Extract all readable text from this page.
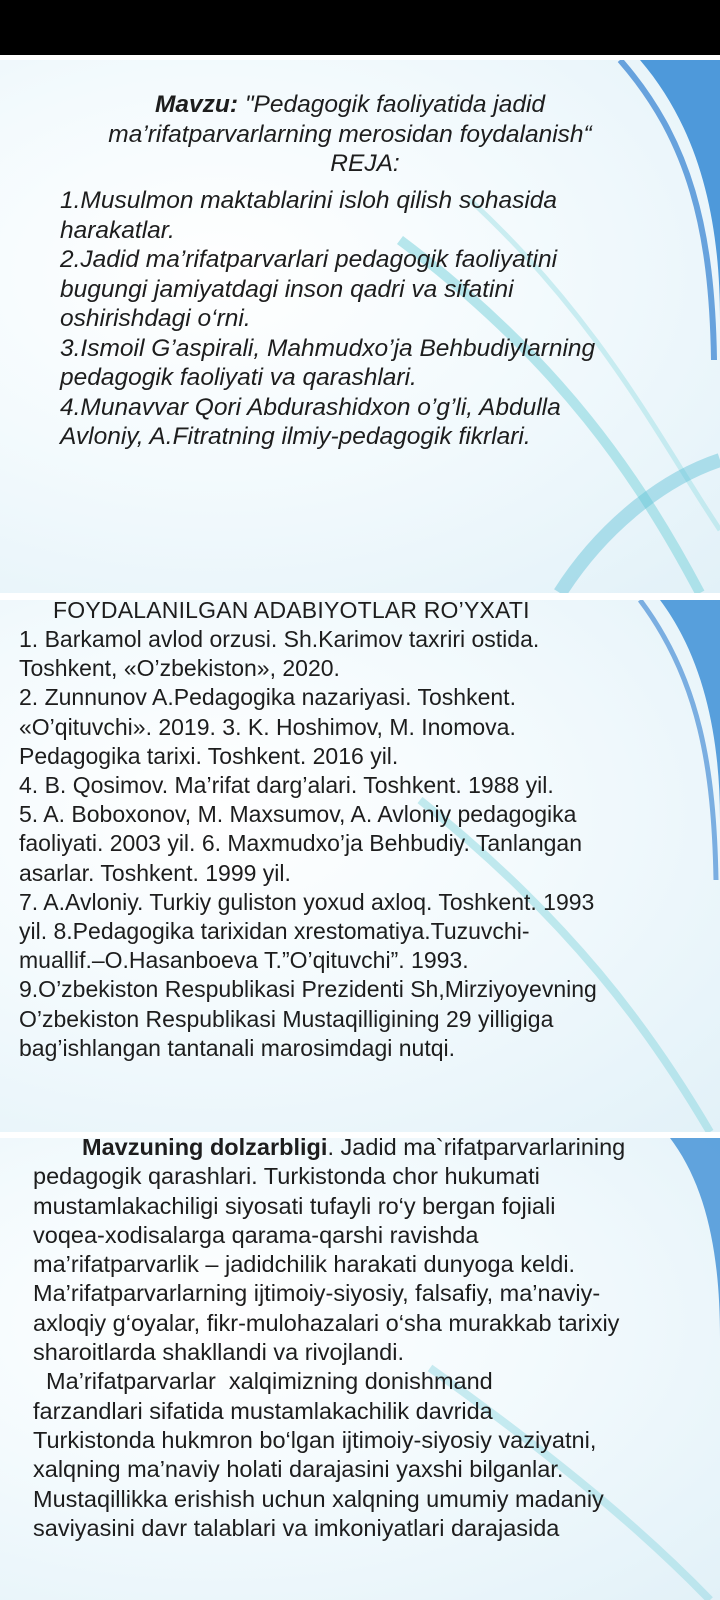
Mavzu: "Pedagogik faoliyatida jadid
ma’rifatparvarlarning merosidan foydalanish“
REJA:
1.Musulmon maktablarini isloh qilish sohasida
harakatlar.
2.Jadid ma’rifatparvarlari pedagogik faoliyatini
bugungi jamiyatdagi inson qadri va sifatini
oshirishdagi o‘rni.
3.Ismoil G’aspirali, Mahmudxo’ja Behbudiylarning
pedagogik faoliyati va qarashlari.
4.Munavvar Qori Abdurashidxon o’g’li, Abdulla
Avloniy, A.Fitratning ilmiy-pedagogik fikrlari.
FOYDALANILGAN ADABIYOTLAR RO’YXATI
1. Barkamol avlod orzusi. Sh.Karimov taxriri ostida.
Toshkent, «O’zbekiston», 2020.
2. Zunnunov A.Pedagogika nazariyasi. Toshkent.
«O’qituvchi». 2019. 3. K. Hoshimov, M. Inomova.
Pedagogika tarixi. Toshkent. 2016 yil.
4. B. Qosimov. Ma’rifat darg’alari. Toshkent. 1988 yil.
5. A. Boboxonov, M. Maxsumov, A. Avloniy pedagogika
faoliyati. 2003 yil. 6. Maxmudxo’ja Behbudiy. Tanlangan
asarlar. Toshkent. 1999 yil.
7. A.Avloniy. Turkiy guliston yoxud axloq. Toshkent. 1993
yil. 8.Pedagogika tarixidan xrestomatiya.Tuzuvchi-
muallif.–O.Hasanboeva T.”O’qituvchi”. 1993.
9.O’zbekiston Respublikasi Prezidenti Sh,Mirziyoyevning
O’zbekiston Respublikasi Mustaqilligining 29 yilligiga
bag’ishlangan tantanali marosimdagi nutqi.
Mavzuning dolzarbligi. Jadid ma`rifatparvarlarining
pedagogik qarashlari. Turkistonda chor hukumati
mustamlakachiligi siyosati tufayli ro‘y bergan fojiali
voqea-xodisalarga qarama-qarshi ravishda
ma’rifatparvarlik – jadidchilik harakati dunyoga keldi.
Ma’rifatparvarlarning ijtimoiy-siyosiy, falsafiy, ma’naviy-
axloqiy g‘oyalar, fikr-mulohazalari o‘sha murakkab tarixiy
sharoitlarda shakllandi va rivojlandi.
Ma’rifatparvarlar  xalqimizning donishmand
farzandlari sifatida mustamlakachilik davrida
Turkistonda hukmron bo‘lgan ijtimoiy-siyosiy vaziyatni,
xalqning ma’naviy holati darajasini yaxshi bilganlar.
Mustaqillikka erishish uchun xalqning umumiy madaniy
saviyasini davr talablari va imkoniyatlari darajasida
